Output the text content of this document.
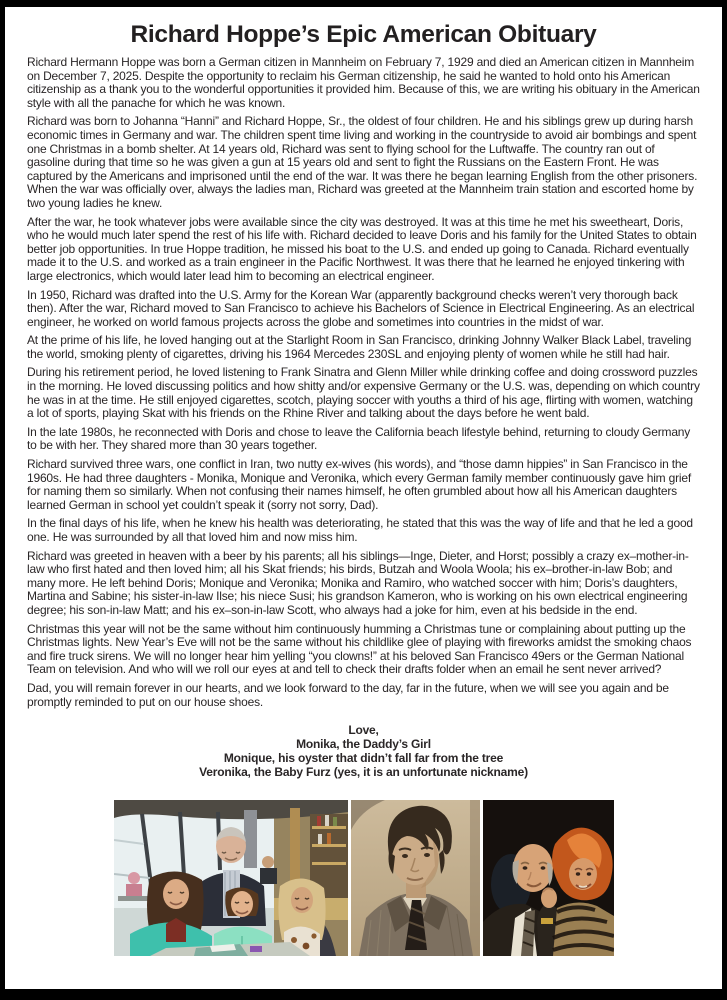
Richard Hoppe’s Epic American Obituary

Richard Hermann Hoppe was born a German citizen in Mannheim on February 7, 1929 and died an American citizen in Mannheim on December 7, 2025. Despite the opportunity to reclaim his German citizenship, he said he wanted to hold onto his American citizenship as a thank you to the wonderful opportunities it provided him. Because of this, we are writing his obituary in the American style with all the panache for which he was known.

Richard was born to Johanna “Hanni” and Richard Hoppe, Sr., the oldest of four children. He and his siblings grew up during harsh economic times in Germany and war. The children spent time living and working in the countryside to avoid air bombings and spent one Christmas in a bomb shelter. At 14 years old, Richard was sent to flying school for the Luftwaffe. The country ran out of gasoline during that time so he was given a gun at 15 years old and sent to fight the Russians on the Eastern Front. He was captured by the Americans and imprisoned until the end of the war. It was there he began learning English from the other prisoners. When the war was officially over, always the ladies man, Richard was greeted at the Mannheim train station and escorted home by two young ladies he knew.

After the war, he took whatever jobs were available since the city was destroyed. It was at this time he met his sweetheart, Doris, who he would much later spend the rest of his life with. Richard decided to leave Doris and his family for the United States to obtain better job opportunities. In true Hoppe tradition, he missed his boat to the U.S. and ended up going to Canada. Richard eventually made it to the U.S. and worked as a train engineer in the Pacific Northwest. It was there that he learned he enjoyed tinkering with large electronics, which would later lead him to becoming an electrical engineer.

In 1950, Richard was drafted into the U.S. Army for the Korean War (apparently background checks weren’t very thorough back then). After the war, Richard moved to San Francisco to achieve his Bachelors of Science in Electrical Engineering. As an electrical engineer, he worked on world famous projects across the globe and sometimes into countries in the midst of war.

At the prime of his life, he loved hanging out at the Starlight Room in San Francisco, drinking Johnny Walker Black Label, traveling the world, smoking plenty of cigarettes, driving his 1964 Mercedes 230SL and enjoying plenty of women while he still had hair.

During his retirement period, he loved listening to Frank Sinatra and Glenn Miller while drinking coffee and doing crossword puzzles in the morning. He loved discussing politics and how shitty and/or expensive Germany or the U.S. was, depending on which country he was in at the time. He still enjoyed cigarettes, scotch, playing soccer with youths a third of his age, flirting with women, watching a lot of sports, playing Skat with his friends on the Rhine River and talking about the days before he went bald.

In the late 1980s, he reconnected with Doris and chose to leave the California beach lifestyle behind, returning to cloudy Germany to be with her. They shared more than 30 years together.

Richard survived three wars, one conflict in Iran, two nutty ex-wives (his words), and “those damn hippies” in San Francisco in the 1960s. He had three daughters - Monika, Monique and Veronika, which every German family member continuously gave him grief for naming them so similarly. When not confusing their names himself, he often grumbled about how all his American daughters learned German in school yet couldn’t speak it (sorry not sorry, Dad).

In the final days of his life, when he knew his health was deteriorating, he stated that this was the way of life and that he led a good one. He was surrounded by all that loved him and now miss him.

Richard was greeted in heaven with a beer by his parents; all his siblings—Inge, Dieter, and Horst; possibly a crazy ex–mother-in-law who first hated and then loved him; all his Skat friends; his birds, Butzah and Woola Woola; his ex–brother-in-law Bob; and many more. He left behind Doris; Monique and Veronika; Monika and Ramiro, who watched soccer with him; Doris’s daughters, Martina and Sabine; his sister-in-law Ilse; his niece Susi; his grandson Kameron, who is working on his own electrical engineering degree; his son-in-law Matt; and his ex–son-in-law Scott, who always had a joke for him, even at his bedside in the end.

Christmas this year will not be the same without him continuously humming a Christmas tune or complaining about putting up the Christmas lights. New Year’s Eve will not be the same without his childlike glee of playing with fireworks amidst the smoking chaos and fire truck sirens. We will no longer hear him yelling “you clowns!” at his beloved San Francisco 49ers or the German National Team on television. And who will we roll our eyes at and tell to check their drafts folder when an email he sent never arrived?

Dad, you will remain forever in our hearts, and we look forward to the day, far in the future, when we will see you again and be promptly reminded to put on our house shoes.

Love,
Monika, the Daddy’s Girl
Monique, his oyster that didn’t fall far from the tree
Veronika, the Baby Furz (yes, it is an unfortunate nickname)
